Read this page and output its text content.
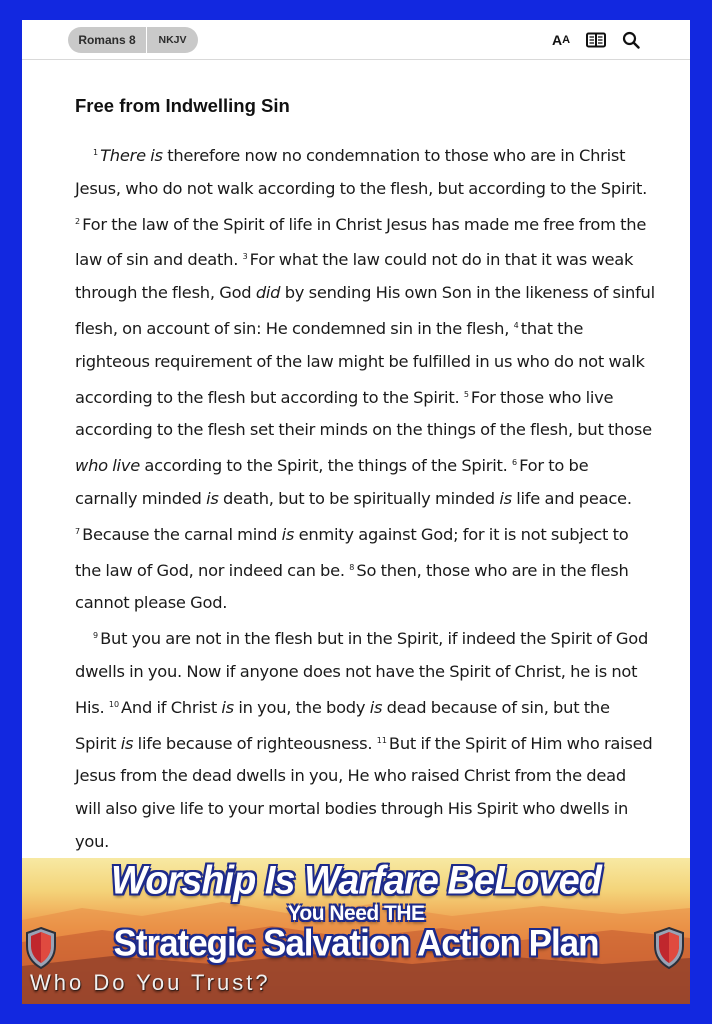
Romans 8	NKJV	A A
Free from Indwelling Sin

$^1$ There is therefore now no condemnation to those who are in Christ Jesus, who do not walk according to the flesh, but according to the Spirit. $^2$ For the law of the Spirit of life in Christ Jesus has made me free from the law of sin and death. $^3$ For what the law could not do in that it was weak through the flesh, God did by sending His own Son in the likeness of sinful flesh, on account of sin: He condemned sin in the flesh, $^4$ that the righteous requirement of the law might be fulfilled in us who do not walk according to the flesh but according to the Spirit. $^5$ For those who live according to the flesh set their minds on the things of the flesh, but those who live according to the Spirit, the things of the Spirit. $^6$ For to be carnally minded is death, but to be spiritually minded is life and peace. $^7$ Because the carnal mind is enmity against God; for it is not subject to the law of God, nor indeed can be. $^8$ So then, those who are in the flesh cannot please God.

$^9$ But you are not in the flesh but in the Spirit, if indeed the Spirit of God dwells in you. Now if anyone does not have the Spirit of Christ, he is not His. $^{10}$ And if Christ is in you, the body is dead because of sin, but the Spirit is life because of righteousness. $^{11}$ But if the Spirit of Him who raised Jesus from the dead dwells in you, He who raised Christ from the dead will also give life to your mortal bodies through His Spirit who dwells in you.

Worship Is Warfare BeLoved
You Need THE
Strategic Salvation Action Plan
Who Do You Trust?
